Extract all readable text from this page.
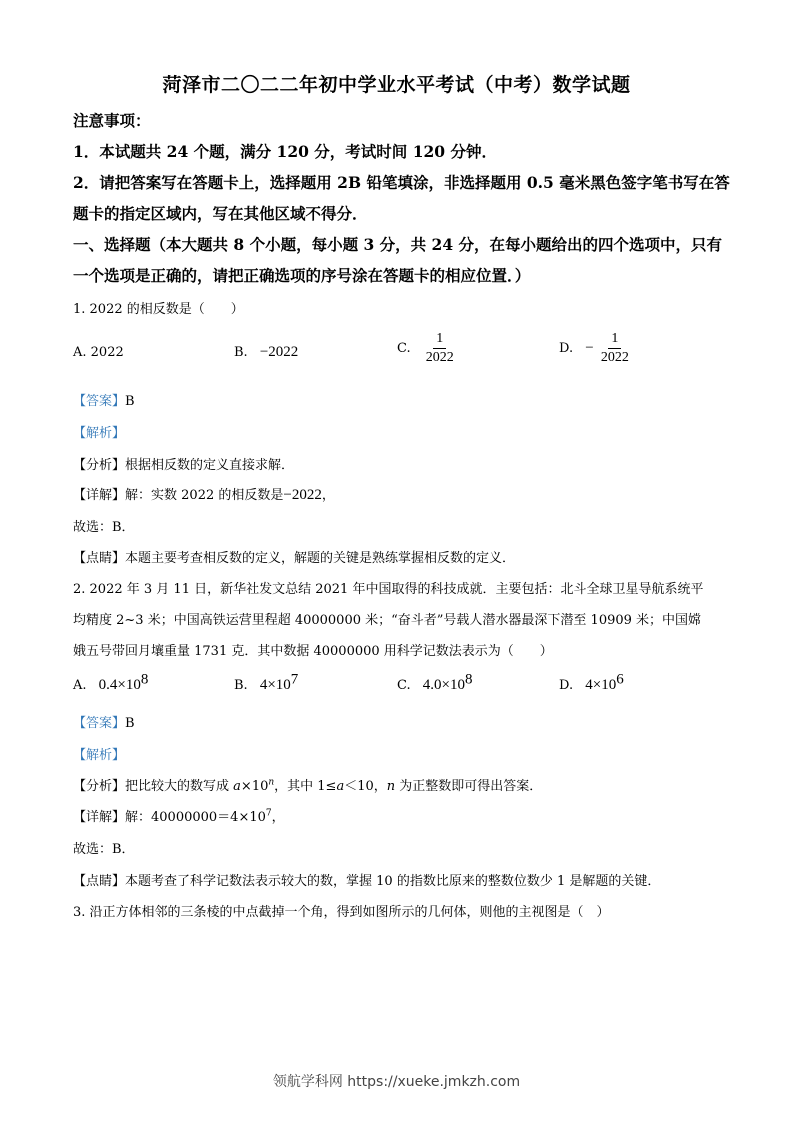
菏泽市二〇二二年初中学业水平考试（中考）数学试题
注意事项：
1．本试题共 24 个题，满分 120 分，考试时间 120 分钟．
2．请把答案写在答题卡上，选择题用 2B 铅笔填涂，非选择题用 0.5 毫米黑色签字笔书写在答
题卡的指定区域内，写在其他区域不得分．
一、选择题（本大题共 8 个小题，每小题 3 分，共 24 分，在每小题给出的四个选项中，只有
一个选项是正确的，请把正确选项的序号涂在答题卡的相应位置．）
1. 2022 的相反数是（　　）
A. 2022	B. −2022	C. $\frac{1}{2022}$	D. − $\frac{1}{2022}$
【答案】B
【解析】
【分析】根据相反数的定义直接求解．
【详解】解：实数 2022 的相反数是−2022，
故选：B．
【点睛】本题主要考查相反数的定义，解题的关键是熟练掌握相反数的定义．
2. 2022 年 3 月 11 日，新华社发文总结 2021 年中国取得的科技成就．主要包括：北斗全球卫星导航系统平
均精度 2~3 米；中国高铁运营里程超 40000000 米；“奋斗者”号载人潜水器最深下潜至 10909 米；中国嫦
娥五号带回月壤重量 1731 克．其中数据 40000000 用科学记数法表示为（　　）
A. $0.4\times 10^8$	B. $4\times 10^7$	C. $4.0\times 10^8$	D. $4\times 10^6$
【答案】B
【解析】
【分析】把比较大的数写成 $a\times 10^n$，其中 1≤a＜10，n 为正整数即可得出答案．
【详解】解：$40000000=4\times 10^7$，
故选：B．
【点睛】本题考查了科学记数法表示较大的数，掌握 10 的指数比原来的整数位数少 1 是解题的关键．
3. 沿正方体相邻的三条棱的中点截掉一个角，得到如图所示的几何体，则他的主视图是（　）
领航学科网 https://xueke.jmkzh.com
